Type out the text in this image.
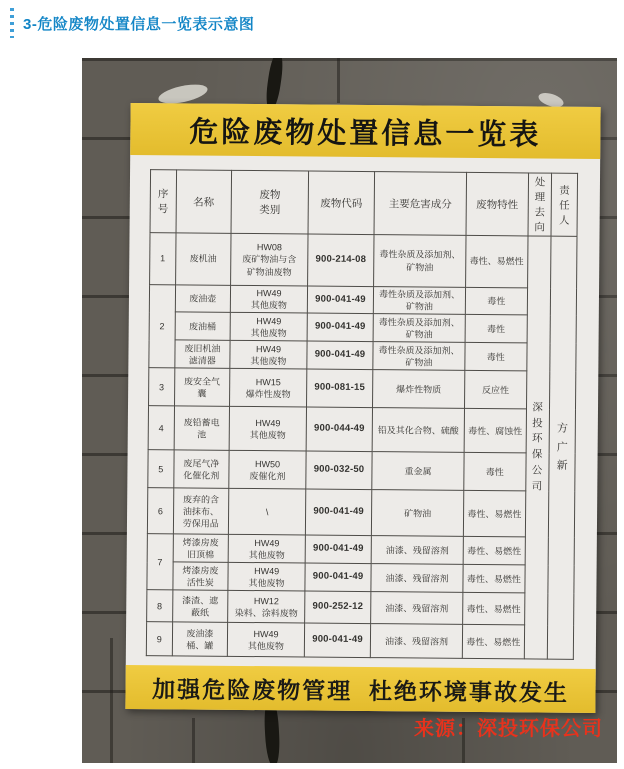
3-危险废物处置信息一览表示意图
危险废物处置信息一览表
序
号	名称	废物
类别	废物代码	主要危害成分	废物特性	处理
去向	责
任
人
1	废机油	HW08
废矿物油与含
矿物油废物	900-214-08	毒性杂质及添加剂、
矿物油	毒性、易燃性	深投
环保
公司	方
广
新
2	废油壶	HW49
其他废物	900-041-49	毒性杂质及添加剂、
矿物油	毒性		
	废油桶	HW49
其他废物	900-041-49	毒性杂质及添加剂、
矿物油	毒性		
	废旧机油
滤清器	HW49
其他废物	900-041-49	毒性杂质及添加剂、
矿物油	毒性		
3	废安全气
囊	HW15
爆炸性废物	900-081-15	爆炸性物质	反应性		
4	废铅蓄电
池	HW49
其他废物	900-044-49	铅及其化合物、硫酸	毒性、腐蚀性		
5	废尾气净
化催化剂	HW50
废催化剂	900-032-50	重金属	毒性		
6	废弃的含
油抹布、
劳保用品	\	900-041-49	矿物油	毒性、易燃性		
7	烤漆房废
旧顶棉	HW49
其他废物	900-041-49	油漆、残留溶剂	毒性、易燃性		
	烤漆房废
活性炭	HW49
其他废物	900-041-49	油漆、残留溶剂	毒性、易燃性		
8	漆渣、遮
蔽纸	HW12
染料、涂料废物	900-252-12	油漆、残留溶剂	毒性、易燃性		
9	废油漆
桶、罐	HW49
其他废物	900-041-49	油漆、残留溶剂	毒性、易燃性		
加强危险废物管理  杜绝环境事故发生
来源：深投环保公司
